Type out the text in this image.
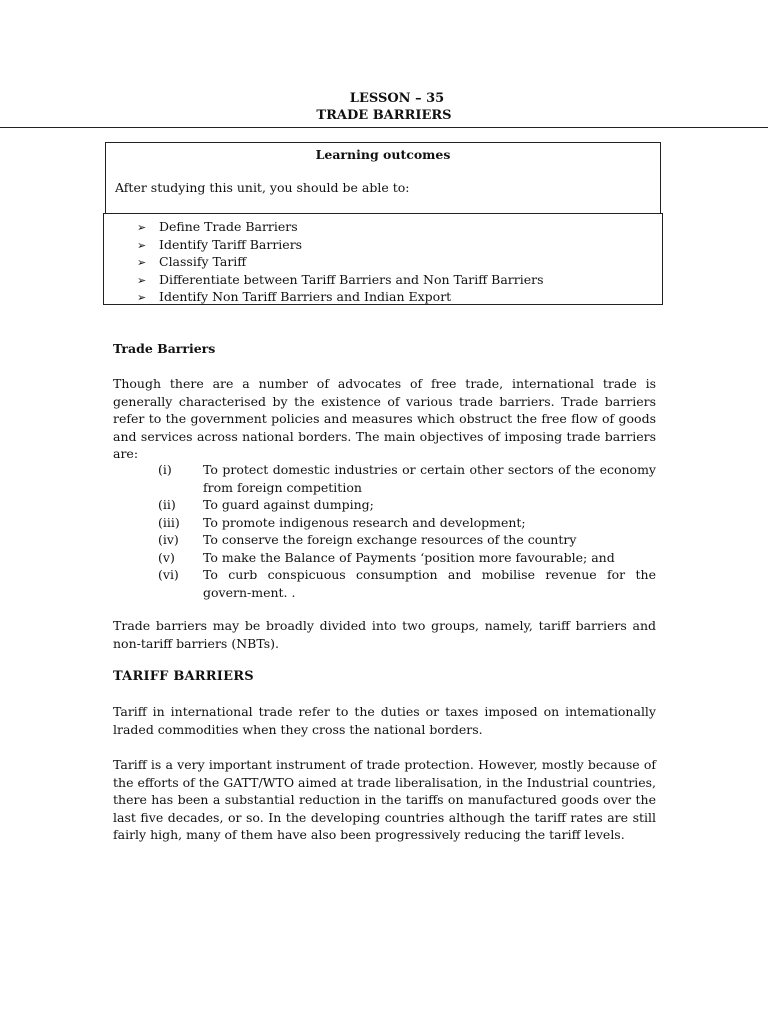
LESSON – 35
TRADE BARRIERS
Learning outcomes
After studying this unit, you should be able to:
➢ Define Trade Barriers
➢ Identify Tariff Barriers
➢ Classify Tariff
➢ Differentiate between Tariff Barriers and Non Tariff Barriers
➢ Identify Non Tariff Barriers and Indian Export
Trade Barriers
Though there are a number of advocates of free trade, international trade is generally characterised by the existence of various trade barriers. Trade barriers refer to the government policies and measures which obstruct the free flow of goods and services across national borders. The main objectives of imposing trade barriers are:
(i)	To protect domestic industries or certain other sectors of the economy from foreign competition
(ii)	To guard against dumping;
(iii)	To promote indigenous research and development;
(iv)	To conserve the foreign exchange resources of the country
(v)	To make the Balance of Payments ‘position more favourable; and
(vi)	To curb conspicuous consumption and mobilise revenue for the govern-ment. .
Trade barriers may be broadly divided into two groups, namely, tariff barriers and non-tariff barriers (NBTs).
TARIFF BARRIERS
Tariff in international trade refer to the duties or taxes imposed on intemationally lraded commodities when they cross the national borders.
Tariff is a very important instrument of trade protection. However, mostly because of the efforts of the GATT/WTO aimed at trade liberalisation, in the Industrial countries, there has been a substantial reduction in the tariffs on manufactured goods over the last five decades, or so. In the developing countries although the tariff rates are still fairly high, many of them have also been progressively reducing the tariff levels.
